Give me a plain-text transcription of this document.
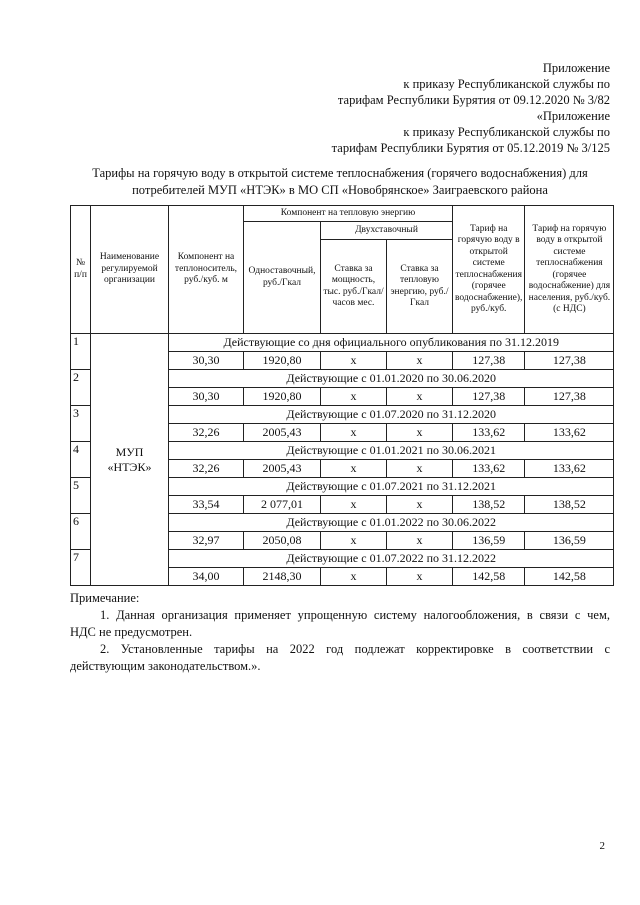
Приложение
к приказу Республиканской службы по
тарифам Республики Бурятия от 09.12.2020 № 3/82
«Приложение
к приказу Республиканской службы по
тарифам Республики Бурятия от 05.12.2019 № 3/125
Тарифы на горячую воду в открытой системе теплоснабжения (горячего водоснабжения) для
потребителей МУП «НТЭК» в МО СП «Новобрянское» Заиграевского района
№ п/п	Наименование регулируемой организации	Компонент на теплоноситель, руб./куб. м	Компонент на тепловую энергию			Тариф на горячую воду в открытой системе теплоснабжения (горячее водоснабжение), руб./куб.	Тариф на горячую воду в открытой системе теплоснабжения (горячее водоснабжение) для населения, руб./куб. (с НДС)
			Одноставочный, руб./Гкал	Двухставочный			
				Ставка за мощность, тыс. руб./Гкал/ часов мес.	Ставка за тепловую энергию, руб./Гкал		
1	МУП «НТЭК»	Действующие со дня официального опубликования по 31.12.2019					
		30,30	1920,80	х	х	127,38	127,38
2		Действующие с 01.01.2020 по 30.06.2020					
		30,30	1920,80	х	х	127,38	127,38
3		Действующие с 01.07.2020 по 31.12.2020					
		32,26	2005,43	х	х	133,62	133,62
4		Действующие с 01.01.2021 по 30.06.2021					
		32,26	2005,43	х	х	133,62	133,62
5		Действующие с 01.07.2021 по 31.12.2021					
		33,54	2 077,01	х	х	138,52	138,52
6		Действующие с 01.01.2022 по 30.06.2022					
		32,97	2050,08	х	х	136,59	136,59
7		Действующие с 01.07.2022 по 31.12.2022					
		34,00	2148,30	х	х	142,58	142,58

Примечание:

1. Данная организация применяет упрощенную систему налогообложения, в связи с чем,

НДС не предусмотрен.

2. Установленные тарифы на 2022 год подлежат корректировке в соответствии с

действующим законодательством.».

2
